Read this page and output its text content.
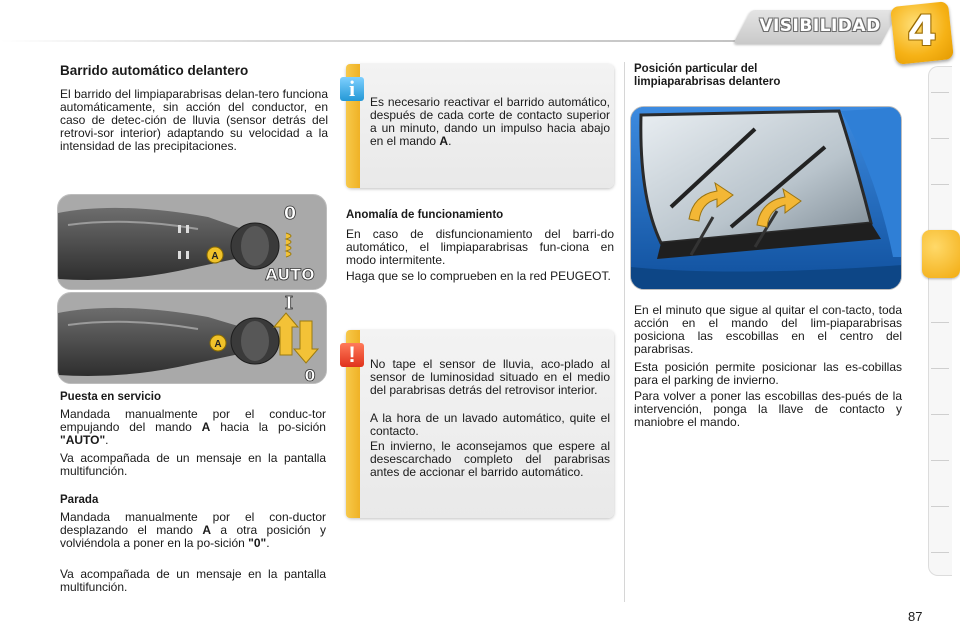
VISIBILIDAD 4
Barrido automático delantero
El barrido del limpiaparabrisas delan-tero funciona automáticamente, sin acción del conductor, en caso de detec-ción de lluvia (sensor detrás del retrovi-sor interior) adaptando su velocidad a la intensidad de las precipitaciones.
A
0
AUTO
A
I
0
Puesta en servicio
Mandada manualmente por el conduc-tor empujando del mando A hacia la po-sición "AUTO".
Va acompañada de un mensaje en la pantalla multifunción.
Parada
Mandada manualmente por el con-ductor desplazando el mando A a otra posición y volviéndola a poner en la po-sición "0".
Va acompañada de un mensaje en la pantalla multifunción.
i
Es necesario reactivar el barrido automático, después de cada corte de contacto superior a un minuto, dando un impulso hacia abajo en el mando A.
Anomalía de funcionamiento
En caso de disfuncionamiento del barri-do automático, el limpiaparabrisas fun-ciona en modo intermitente.
Haga que se lo comprueben en la red PEUGEOT.
!	No tape el sensor de lluvia, aco-plado al sensor de luminosidad situado en el medio del parabrisas detrás del retrovisor interior.
A la hora de un lavado automático, quite el contacto.
En invierno, le aconsejamos que espere al desescarchado completo del parabrisas antes de accionar el barrido automático.
Posición particular del
limpiaparabrisas delantero
En el minuto que sigue al quitar el con-tacto, toda acción en el mando del lim-piaparabrisas posiciona las escobillas en el centro del parabrisas.
Esta posición permite posicionar las es-cobillas para el parking de invierno.
Para volver a poner las escobillas des-pués de la intervención, ponga la llave de contacto y maniobre el mando.
87
